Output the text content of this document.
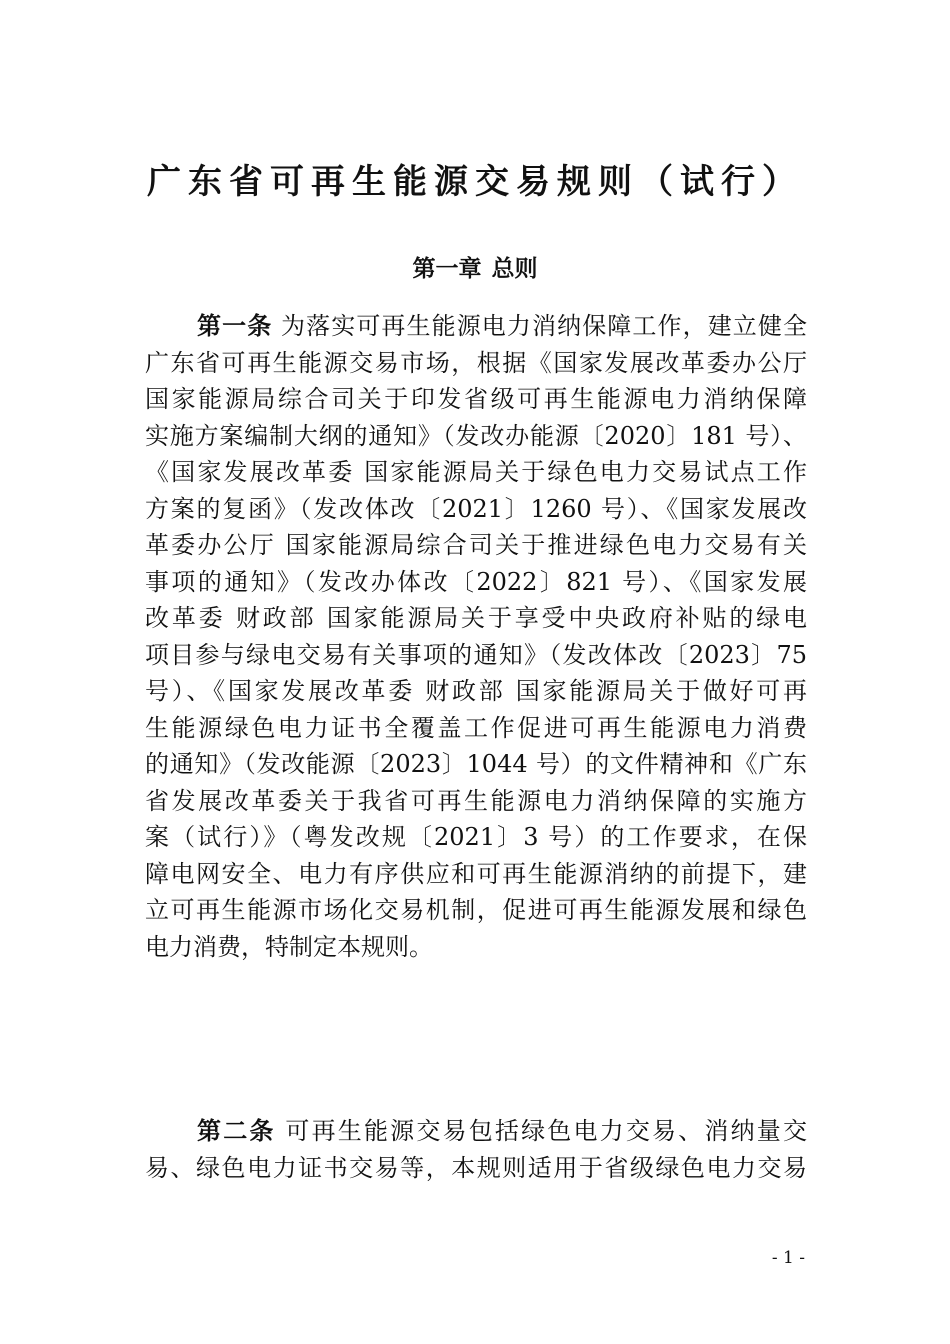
广东省可再生能源交易规则（试行）
第一章 总则
第一条 为落实可再生能源电力消纳保障工作，建立健全
广东省可再生能源交易市场，根据《国家发展改革委办公厅
国家能源局综合司关于印发省级可再生能源电力消纳保障
实施方案编制大纲的通知》（发改办能源〔2020〕181 号）、
《国家发展改革委 国家能源局关于绿色电力交易试点工作
方案的复函》（发改体改〔2021〕1260 号）、《国家发展改
革委办公厅 国家能源局综合司关于推进绿色电力交易有关
事项的通知》（发改办体改〔2022〕821 号）、《国家发展
改革委 财政部 国家能源局关于享受中央政府补贴的绿电
项目参与绿电交易有关事项的通知》（发改体改〔2023〕75
号）、《国家发展改革委 财政部 国家能源局关于做好可再
生能源绿色电力证书全覆盖工作促进可再生能源电力消费
的通知》（发改能源〔2023〕1044 号）的文件精神和《广东
省发展改革委关于我省可再生能源电力消纳保障的实施方
案（试行）》（粤发改规〔2021〕3 号）的工作要求，在保
障电网安全、电力有序供应和可再生能源消纳的前提下，建
立可再生能源市场化交易机制，促进可再生能源发展和绿色
电力消费，特制定本规则。
第二条 可再生能源交易包括绿色电力交易、消纳量交
易、绿色电力证书交易等，本规则适用于省级绿色电力交易
- 1 -
